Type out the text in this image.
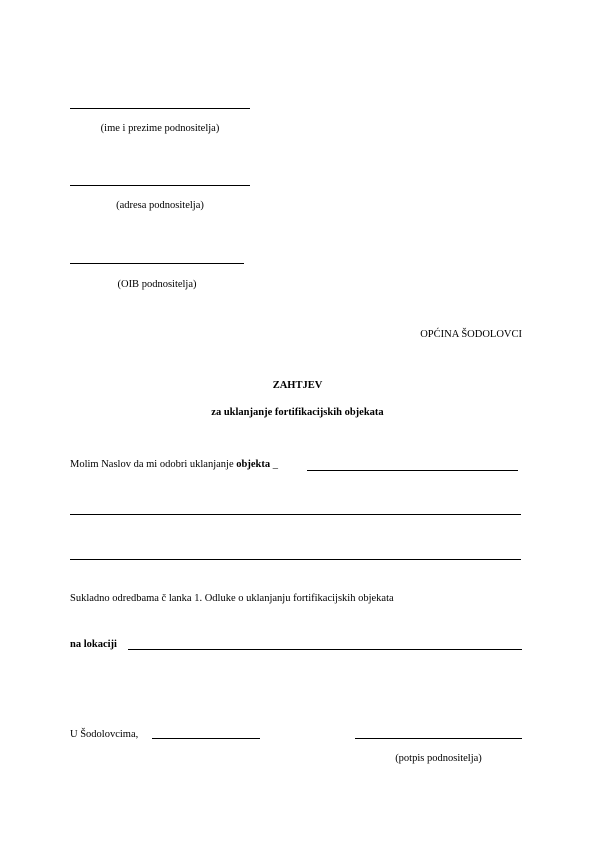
(ime i prezime podnositelja)
(adresa podnositelja)
(OIB podnositelja)
OPĆINA ŠODOLOVCI
ZAHTJEV
za uklanjanje fortifikacijskih objekata
Molim Naslov da mi odobri uklanjanje objekta _
Sukladno odredbama č lanka 1. Odluke o uklanjanju fortifikacijskih objekata
na lokaciji
U Šodolovcima,
(potpis podnositelja)
